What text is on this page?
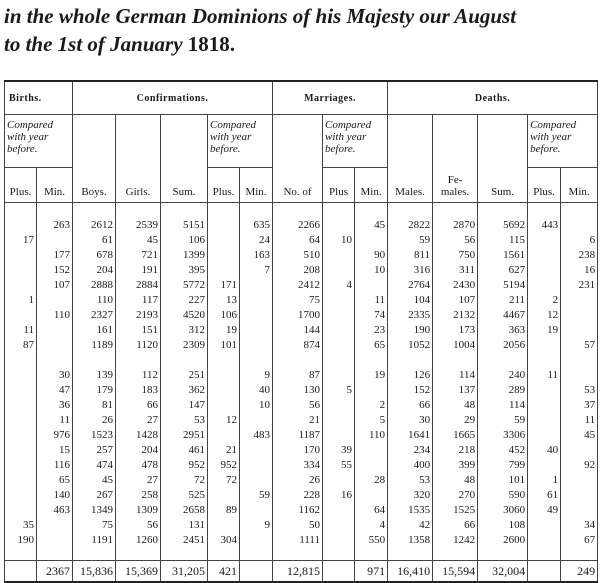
in the whole German Dominions of his Majesty our August
to the 1st of January 1818.
Births.		Confirmations.					Marriages.			Deaths.				
Compared with year before.		Boys.	Girls.	Sum.	Compared with year before.		No. of	Compared with year before.		Males.	Fe-males.	Sum.	Compared with year before.	
Plus.	Min.				Plus.	Min.		Plus	Min.				Plus.	Min.

	263	2612	2539	5151		635	2266		45	2822	2870	5692	443	
17		61	45	106		24	64	10		59	56	115		6
	177	678	721	1399		163	510		90	811	750	1561		238
	152	204	191	395		7	208		10	316	311	627		16
	107	2888	2884	5772	171		2412	4		2764	2430	5194		231
1		110	117	227	13		75		11	104	107	211	2	
	110	2327	2193	4520	106		1700		74	2335	2132	4467	12	
11		161	151	312	19		144		23	190	173	363	19	
87		1189	1120	2309	101		874		65	1052	1004	2056		57

	30	139	112	251		9	87		19	126	114	240	11	
	47	179	183	362		40	130	5		152	137	289		53
	36	81	66	147		10	56		2	66	48	114		37
	11	26	27	53	12		21		5	30	29	59		11
	976	1523	1428	2951		483	1187		110	1641	1665	3306		45
	15	257	204	461	21		170	39		234	218	452	40	
	116	474	478	952	952		334	55		400	399	799		92
	65	45	27	72	72		26		28	53	48	101	1	
	140	267	258	525		59	228	16		320	270	590	61	
	463	1349	1309	2658	89		1162		64	1535	1525	3060	49	
35		75	56	131		9	50		4	42	66	108		34
190		1191	1260	2451	304		1111		550	1358	1242	2600		67

	2367	15,836	15,369	31,205	421		12,815		971	16,410	15,594	32,004		249
